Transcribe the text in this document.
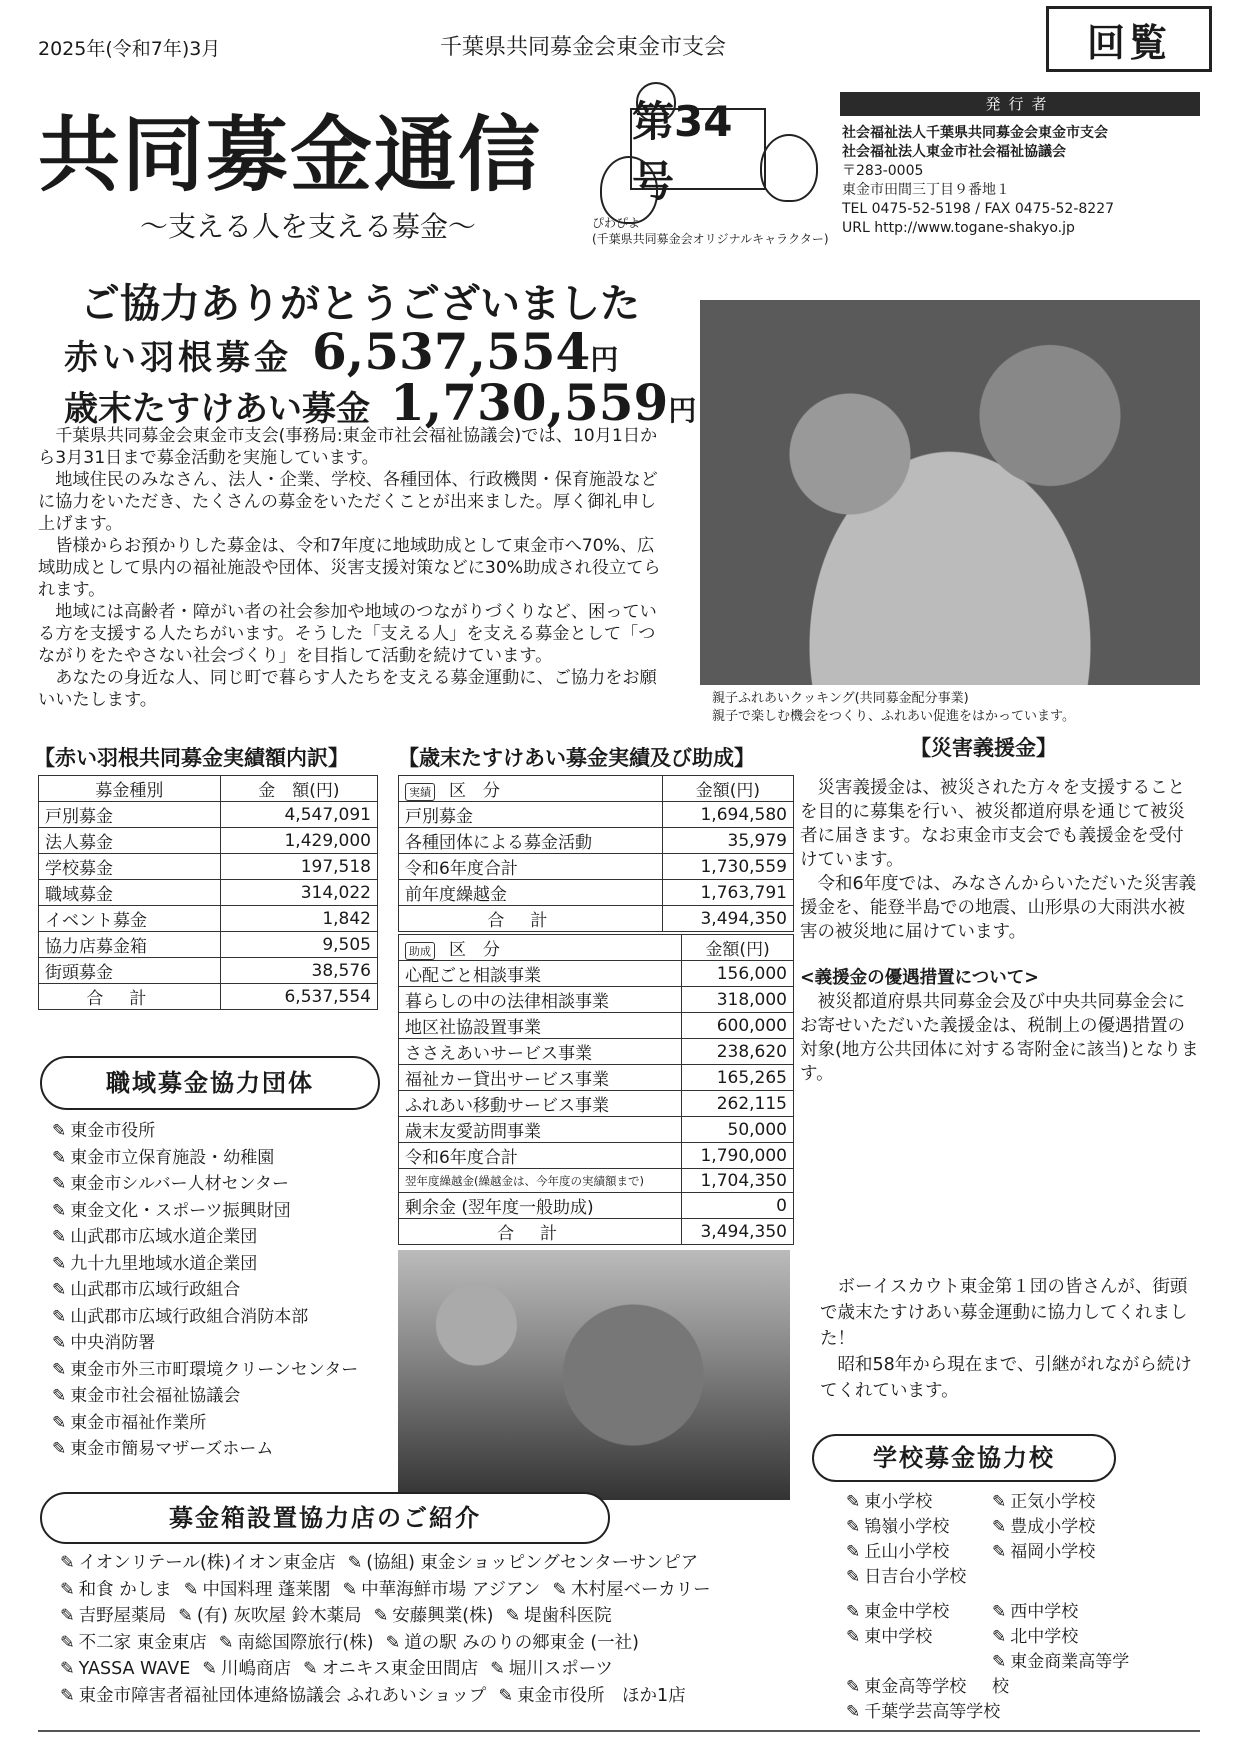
2025年(令和7年)3月	千葉県共同募金会東金市支会	回覧
共同募金通信
〜支える人を支える募金〜
第34号
ぴわぴよ
(千葉県共同募金会オリジナルキャラクター)
発行者
社会福祉法人千葉県共同募金会東金市支会
社会福祉法人東金市社会福祉協議会
〒283-0005
東金市田間三丁目９番地１
TEL 0475-52-5198 / FAX 0475-52-8227
URL http://www.togane-shakyo.jp
ご協力ありがとうございました
赤い羽根募金 6,537,554円
歳末たすけあい募金 1,730,559円

千葉県共同募金会東金市支会(事務局:東金市社会福祉協議会)では、10月1日から3月31日まで募金活動を実施しています。

地域住民のみなさん、法人・企業、学校、各種団体、行政機関・保育施設などに協力をいただき、たくさんの募金をいただくことが出来ました。厚く御礼申し上げます。

皆様からお預かりした募金は、令和7年度に地域助成として東金市へ70%、広域助成として県内の福祉施設や団体、災害支援対策などに30%助成され役立てられます。

地域には高齢者・障がい者の社会参加や地域のつながりづくりなど、困っている方を支援する人たちがいます。そうした「支える人」を支える募金として「つながりをたやさない社会づくり」を目指して活動を続けています。

あなたの身近な人、同じ町で暮らす人たちを支える募金運動に、ご協力をお願いいたします。	親子ふれあいクッキング(共同募金配分事業)
親子で楽しむ機会をつくり、ふれあい促進をはかっています。
【赤い羽根共同募金実績額内訳】
募金種別	金　額(円)
戸別募金	4,547,091
法人募金	1,429,000
学校募金	197,518
職域募金	314,022
イベント募金	1,842
協力店募金箱	9,505
街頭募金	38,576
合計	6,537,554
【歳末たすけあい募金実績及び助成】
実績 区　分	金額(円)
戸別募金	1,694,580
各種団体による募金活動	35,979
令和6年度合計	1,730,559
前年度繰越金	1,763,791
合計	3,494,350
助成 区　分	金額(円)
心配ごと相談事業	156,000
暮らしの中の法律相談事業	318,000
地区社協設置事業	600,000
ささえあいサービス事業	238,620
福祉カー貸出サービス事業	165,265
ふれあい移動サービス事業	262,115
歳末友愛訪問事業	50,000
令和6年度合計	1,790,000
翌年度繰越金(繰越金は、今年度の実績額まで)	1,704,350
剰余金 (翌年度一般助成)	0
合計	3,494,350
【災害義援金】

災害義援金は、被災された方々を支援することを目的に募集を行い、被災都道府県を通じて被災者に届きます。なお東金市支会でも義援金を受付けています。

令和6年度では、みなさんからいただいた災害義援金を、能登半島での地震、山形県の大雨洪水被害の被災地に届けています。

<義援金の優遇措置について>

被災都道府県共同募金会及び中央共同募金会にお寄せいただいた義援金は、税制上の優遇措置の対象(地方公共団体に対する寄附金に該当)となります。

職域募金協力団体
✎ 東金市役所
✎ 東金市立保育施設・幼稚園
✎ 東金市シルバー人材センター
✎ 東金文化・スポーツ振興財団
✎ 山武郡市広域水道企業団
✎ 九十九里地域水道企業団
✎ 山武郡市広域行政組合
✎ 山武郡市広域行政組合消防本部
✎ 中央消防署
✎ 東金市外三市町環境クリーンセンター
✎ 東金市社会福祉協議会
✎ 東金市福祉作業所
✎ 東金市簡易マザーズホーム

ボーイスカウト東金第１団の皆さんが、街頭で歳末たすけあい募金運動に協力してくれました！

昭和58年から現在まで、引継がれながら続けてくれています。

学校募金協力校
✎ 東小学校	✎ 正気小学校
✎ 鴇嶺小学校	✎ 豊成小学校
✎ 丘山小学校	✎ 福岡小学校
✎ 日吉台小学校
✎ 東金中学校	✎ 西中学校
✎ 東中学校	✎ 北中学校
✎ 東金高等学校✎ 東金商業高等学校
✎ 千葉学芸高等学校
募金箱設置協力店のご紹介
✎ イオンリテール(株)イオン東金店 ✎ (協組) 東金ショッピングセンターサンピア
✎ 和食 かしま ✎ 中国料理 蓬莱閣 ✎ 中華海鮮市場 アジアン ✎ 木村屋ベーカリー
✎ 吉野屋薬局 ✎ (有) 灰吹屋 鈴木薬局 ✎ 安藤興業(株) ✎ 堤歯科医院
✎ 不二家 東金東店 ✎ 南総国際旅行(株) ✎ 道の駅 みのりの郷東金 (一社)
✎ YASSA WAVE ✎ 川嶋商店 ✎ オニキス東金田間店 ✎ 堀川スポーツ
✎ 東金市障害者福祉団体連絡協議会 ふれあいショップ ✎ 東金市役所　ほか1店
